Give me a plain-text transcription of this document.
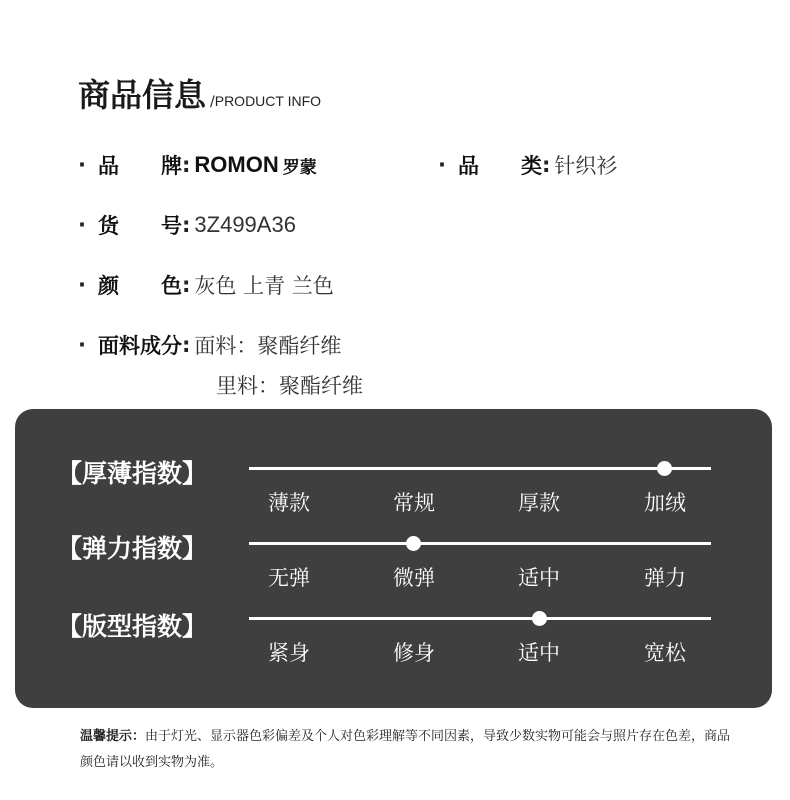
商品信息 / PRODUCT INFO
· 品　　牌 : ROMON 罗蒙	· 品　　类 : 针织衫
· 货　　号 : 3Z499A36
· 颜　　色 : 灰色 上青 兰色
· 面料成分 : 面料：聚酯纤维
里料：聚酯纤维
【厚薄指数】
薄款	常规	厚款	加绒
【弹力指数】
无弹	微弹	适中	弹力
【版型指数】
紧身	修身	适中	宽松
温馨提示：由于灯光、显示器色彩偏差及个人对色彩理解等不同因素，导致少数实物可能会与照片存在色差，商品颜色请以收到实物为准。
